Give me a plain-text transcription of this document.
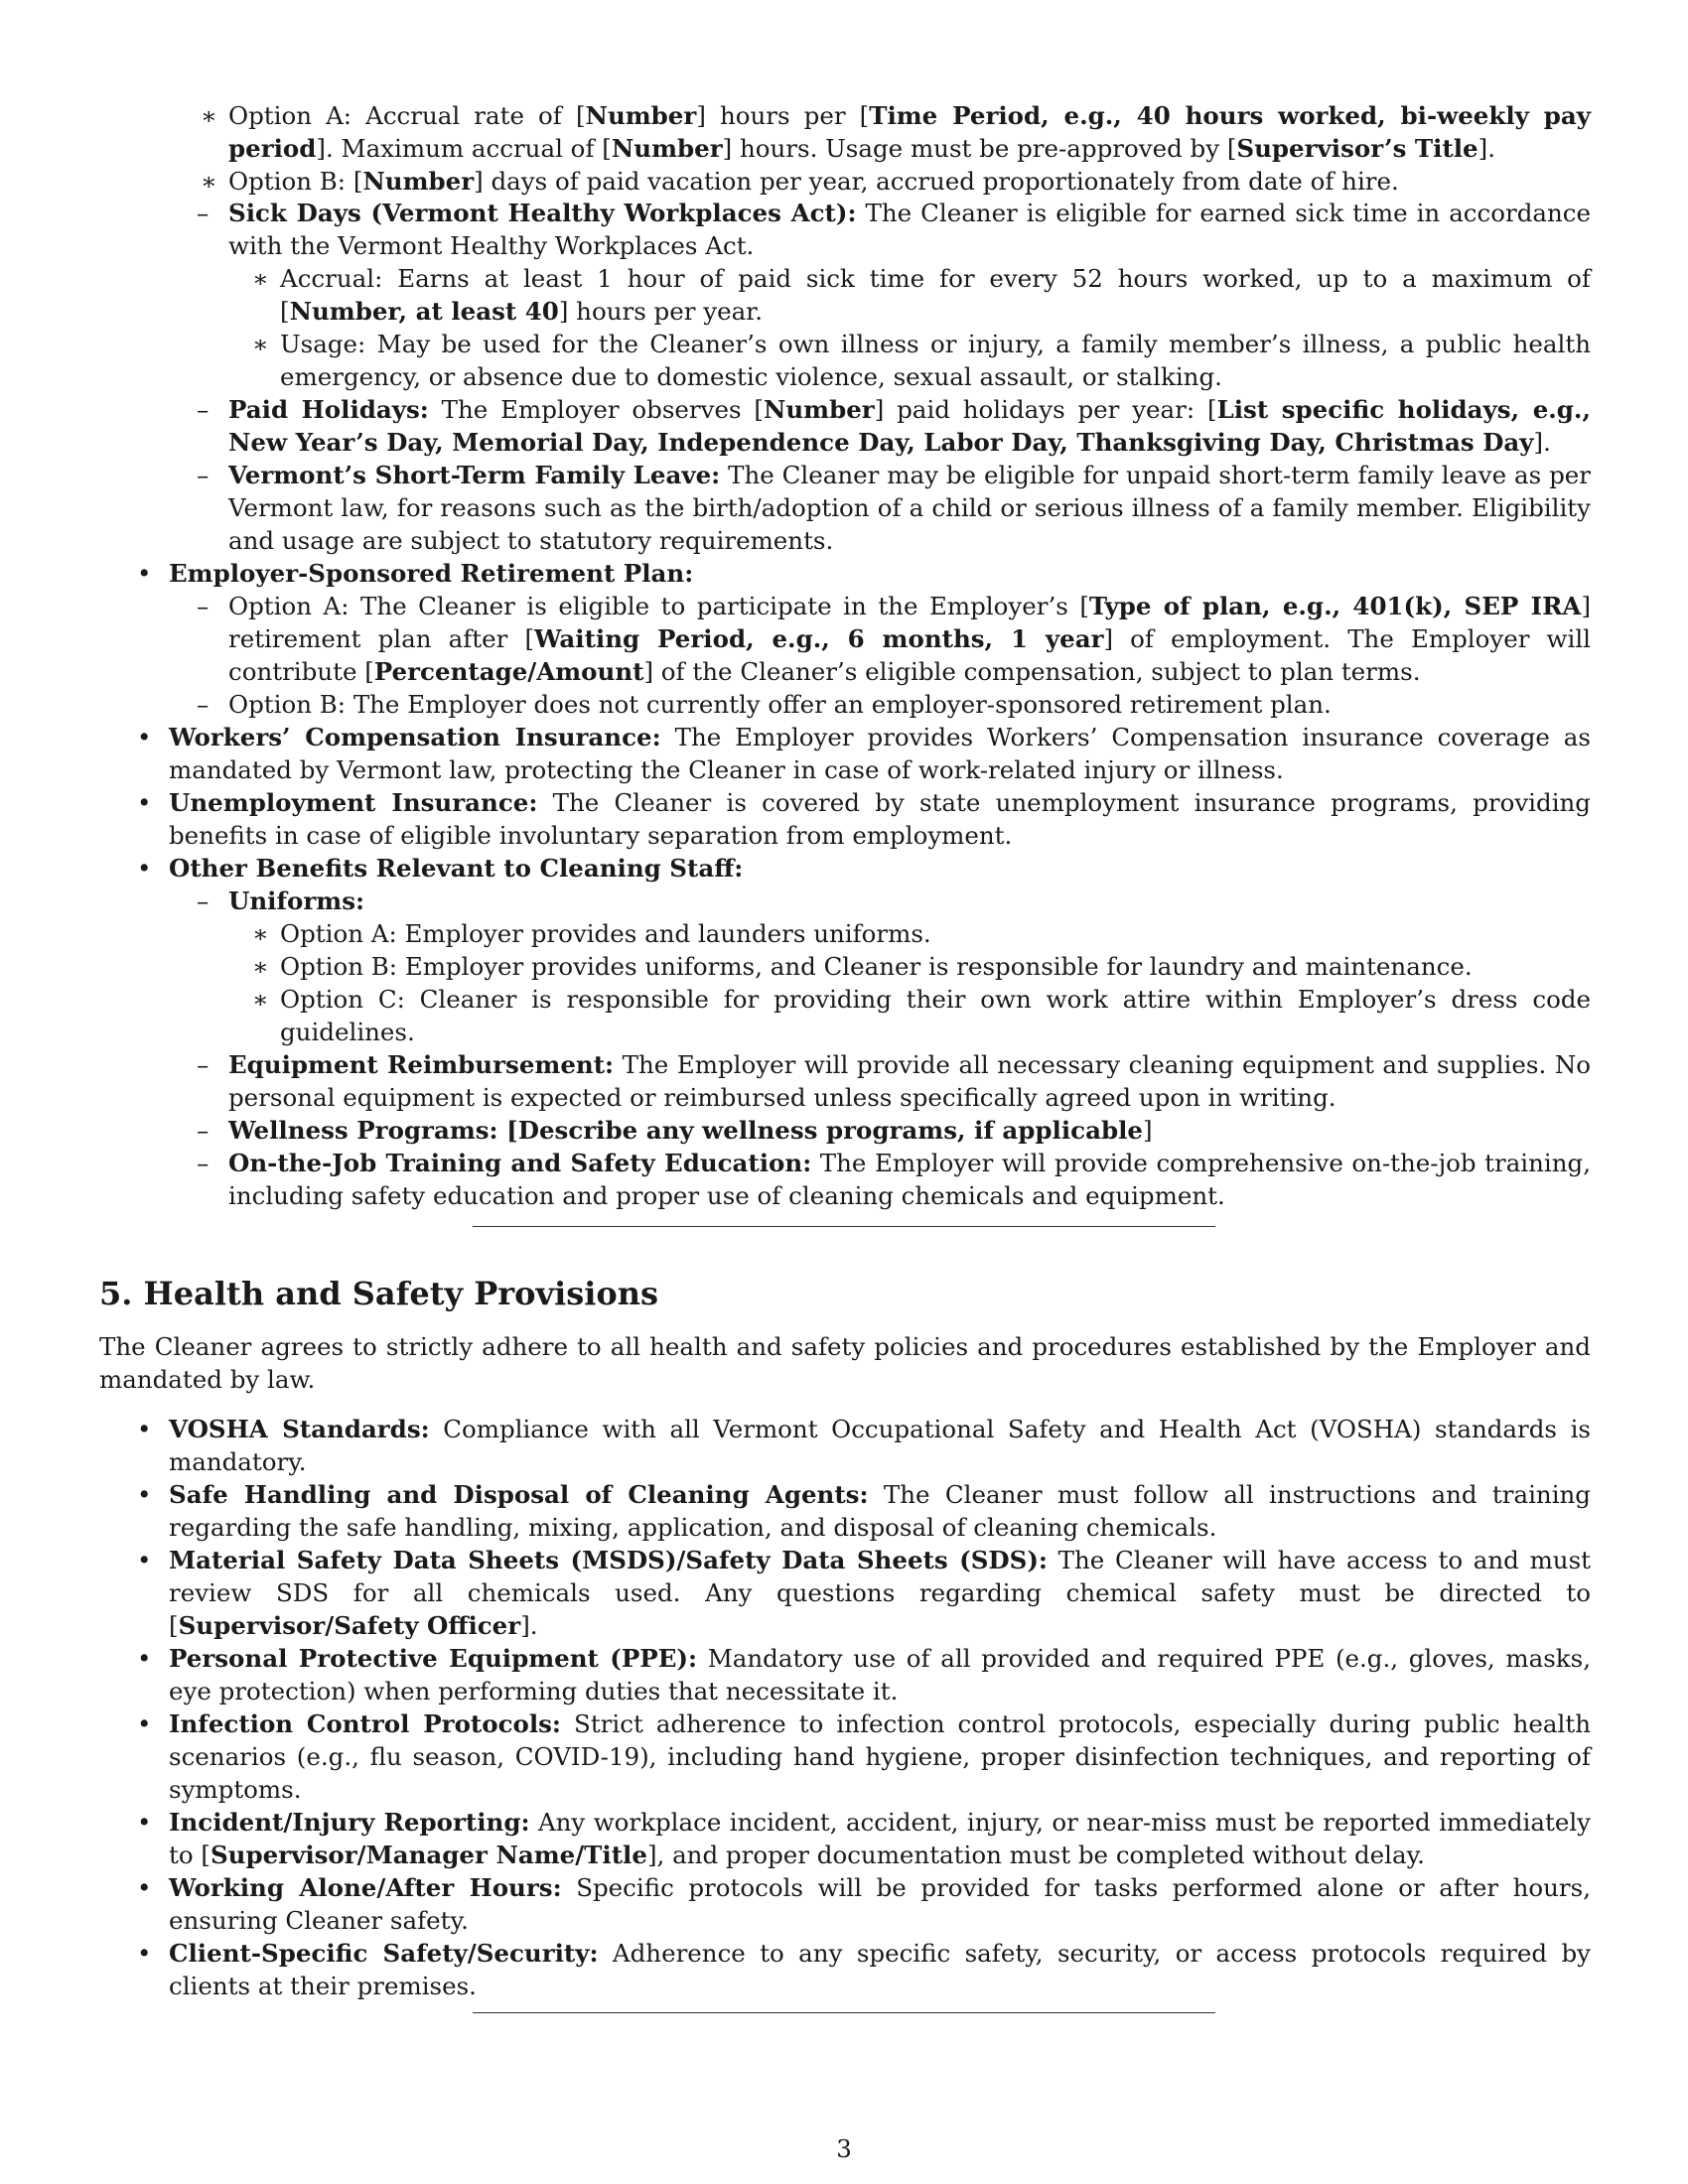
∗ Option A: Accrual rate of [Number] hours per [Time Period, e.g., 40 hours worked, bi-weekly pay period]. Maximum accrual of [Number] hours. Usage must be pre-approved by [Supervisor’s Title].
∗ Option B: [Number] days of paid vacation per year, accrued proportionately from date of hire.
– Sick Days (Vermont Healthy Workplaces Act): The Cleaner is eligible for earned sick time in accordance with the Vermont Healthy Workplaces Act.
∗ Accrual: Earns at least 1 hour of paid sick time for every 52 hours worked, up to a maximum of [Number, at least 40] hours per year.
∗ Usage: May be used for the Cleaner’s own illness or injury, a family member’s illness, a public health emergency, or absence due to domestic violence, sexual assault, or stalking.
– Paid Holidays: The Employer observes [Number] paid holidays per year: [List specific holidays, e.g., New Year’s Day, Memorial Day, Independence Day, Labor Day, Thanksgiving Day, Christmas Day].
– Vermont’s Short-Term Family Leave: The Cleaner may be eligible for unpaid short-term family leave as per Vermont law, for reasons such as the birth/adoption of a child or serious illness of a family member. Eligibility and usage are subject to statutory requirements.
• Employer-Sponsored Retirement Plan:
– Option A: The Cleaner is eligible to participate in the Employer’s [Type of plan, e.g., 401(k), SEP IRA] retirement plan after [Waiting Period, e.g., 6 months, 1 year] of employment. The Employer will contribute [Percentage/Amount] of the Cleaner’s eligible compensation, subject to plan terms.
– Option B: The Employer does not currently offer an employer-sponsored retirement plan.
• Workers’ Compensation Insurance: The Employer provides Workers’ Compensation insurance coverage as mandated by Vermont law, protecting the Cleaner in case of work-related injury or illness.
• Unemployment Insurance: The Cleaner is covered by state unemployment insurance programs, providing benefits in case of eligible involuntary separation from employment.
• Other Benefits Relevant to Cleaning Staff:
– Uniforms:
∗ Option A: Employer provides and launders uniforms.
∗ Option B: Employer provides uniforms, and Cleaner is responsible for laundry and maintenance.
∗ Option C: Cleaner is responsible for providing their own work attire within Employer’s dress code guidelines.
– Equipment Reimbursement: The Employer will provide all necessary cleaning equipment and supplies. No personal equipment is expected or reimbursed unless specifically agreed upon in writing.
– Wellness Programs: [Describe any wellness programs, if applicable]
– On-the-Job Training and Safety Education: The Employer will provide comprehensive on-the-job training, including safety education and proper use of cleaning chemicals and equipment.
5. Health and Safety Provisions
The Cleaner agrees to strictly adhere to all health and safety policies and procedures established by the Employer and mandated by law.
• VOSHA Standards: Compliance with all Vermont Occupational Safety and Health Act (VOSHA) standards is mandatory.
• Safe Handling and Disposal of Cleaning Agents: The Cleaner must follow all instructions and training regarding the safe handling, mixing, application, and disposal of cleaning chemicals.
• Material Safety Data Sheets (MSDS)/Safety Data Sheets (SDS): The Cleaner will have access to and must review SDS for all chemicals used. Any questions regarding chemical safety must be directed to [Supervisor/Safety Officer].
• Personal Protective Equipment (PPE): Mandatory use of all provided and required PPE (e.g., gloves, masks, eye protection) when performing duties that necessitate it.
• Infection Control Protocols: Strict adherence to infection control protocols, especially during public health scenarios (e.g., flu season, COVID-19), including hand hygiene, proper disinfection techniques, and reporting of symptoms.
• Incident/Injury Reporting: Any workplace incident, accident, injury, or near-miss must be reported immediately to [Supervisor/Manager Name/Title], and proper documentation must be completed without delay.
• Working Alone/After Hours: Specific protocols will be provided for tasks performed alone or after hours, ensuring Cleaner safety.
• Client-Specific Safety/Security: Adherence to any specific safety, security, or access protocols required by clients at their premises.
3
